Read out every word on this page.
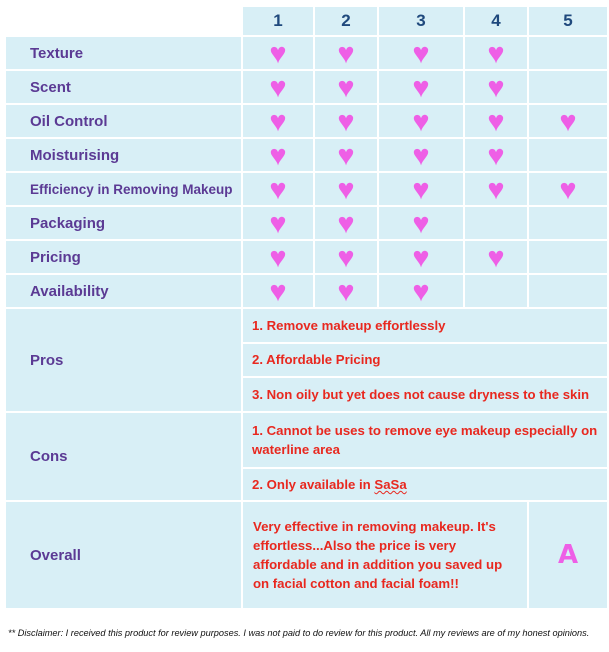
	1	2	3	4	5
Texture	♥	♥	♥	♥	
Scent	♥	♥	♥	♥	
Oil Control	♥	♥	♥	♥	♥
Moisturising	♥	♥	♥	♥	
Efficiency in Removing Makeup	♥	♥	♥	♥	♥
Packaging	♥	♥	♥		
Pricing	♥	♥	♥	♥	
Availability	♥	♥	♥		
Pros	1. Remove makeup effortlessly				
	2. Affordable Pricing				
	3. Non oily but yet does not cause dryness to the skin				
Cons	1. Cannot be uses to remove eye makeup especially on waterline area				
	2. Only available in SaSa				
Overall	Very effective in removing makeup. It's effortless...Also the price is very affordable and in addition you saved up on facial cotton and facial foam!!				A
** Disclaimer: I received this product for review purposes. I was not paid to do review for this product. All my reviews are of my honest opinions.
